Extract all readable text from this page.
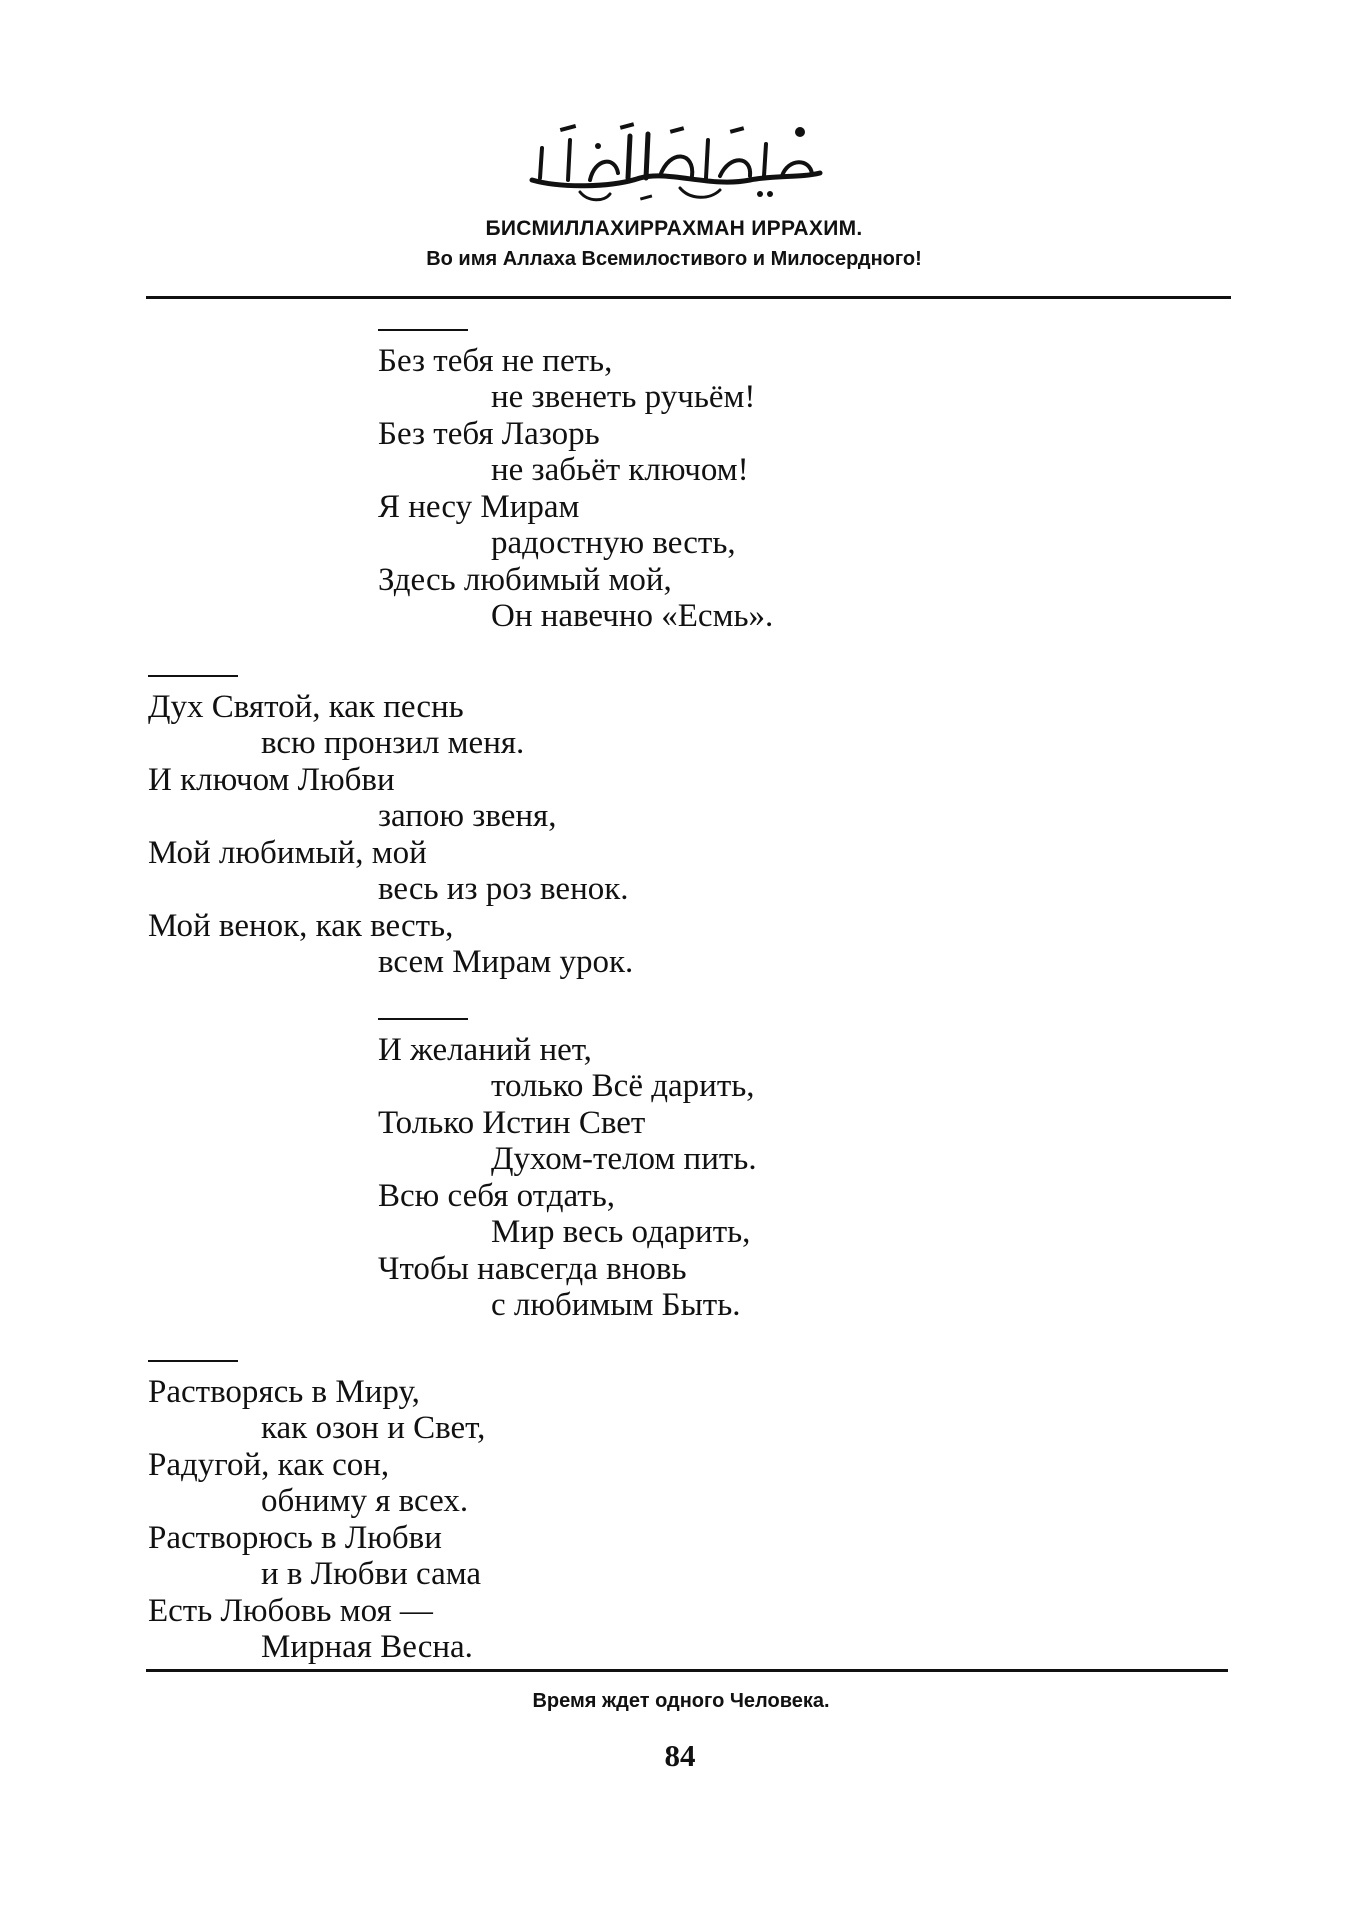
БИСМИЛЛАХИРРАХМАН ИРРАХИМ.
Во имя Аллаха Всемилостивого и Милосердного!
Без тебя не петь,
не звенеть ручьём!
Без тебя Лазорь
не забьёт ключом!
Я несу Мирам
радостную весть,
Здесь любимый мой,
Он навечно «Есмь».
Дух Святой, как песнь
всю пронзил меня.
И ключом Любви
запою звеня,
Мой любимый, мой
весь из роз венок.
Мой венок, как весть,
всем Мирам урок.
И желаний нет,
только Всё дарить,
Только Истин Свет
Духом-телом пить.
Всю себя отдать,
Мир весь одарить,
Чтобы навсегда вновь
с любимым Быть.
Растворясь в Миру,
как озон и Свет,
Радугой, как сон,
обниму я всех.
Растворюсь в Любви
и в Любви сама
Есть Любовь моя —
Мирная Весна.
Время ждет одного Человека.
84
